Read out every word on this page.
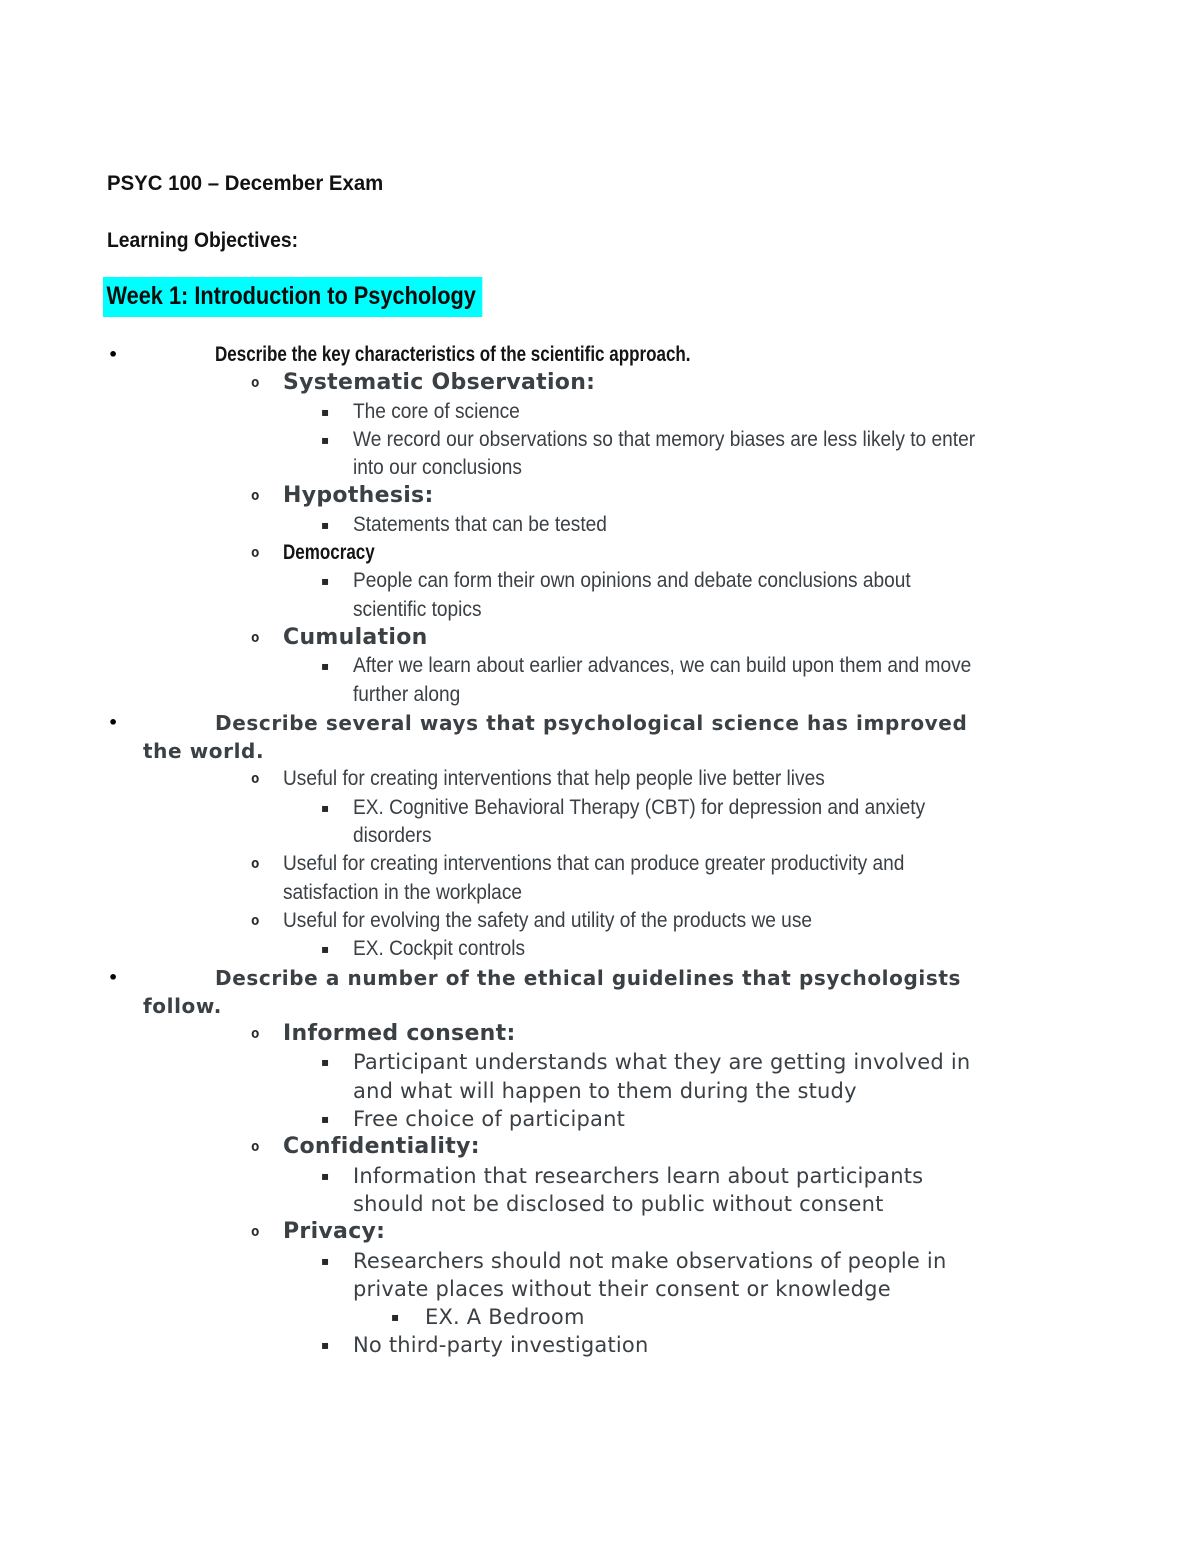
PSYC 100 – December Exam
Learning Objectives:
Week 1: Introduction to Psychology
•	Describe the key characteristics of the scientific approach.
o Systematic Observation:
▪ The core of science
▪ We record our observations so that memory biases are less likely to enter
into our conclusions
o Hypothesis:
▪ Statements that can be tested
o Democracy
▪ People can form their own opinions and debate conclusions about
scientific topics
o Cumulation
▪ After we learn about earlier advances, we can build upon them and move
further along
•	Describe several ways that psychological science has improved
the world.
o Useful for creating interventions that help people live better lives
▪ EX. Cognitive Behavioral Therapy (CBT) for depression and anxiety
disorders
o Useful for creating interventions that can produce greater productivity and
satisfaction in the workplace
o Useful for evolving the safety and utility of the products we use
▪ EX. Cockpit controls
•	Describe a number of the ethical guidelines that psychologists
follow.
o Informed consent:
▪ Participant understands what they are getting involved in
and what will happen to them during the study
▪ Free choice of participant
o Confidentiality:
▪ Information that researchers learn about participants
should not be disclosed to public without consent
o Privacy:
▪ Researchers should not make observations of people in
private places without their consent or knowledge
▪ EX. A Bedroom
▪ No third-party investigation
